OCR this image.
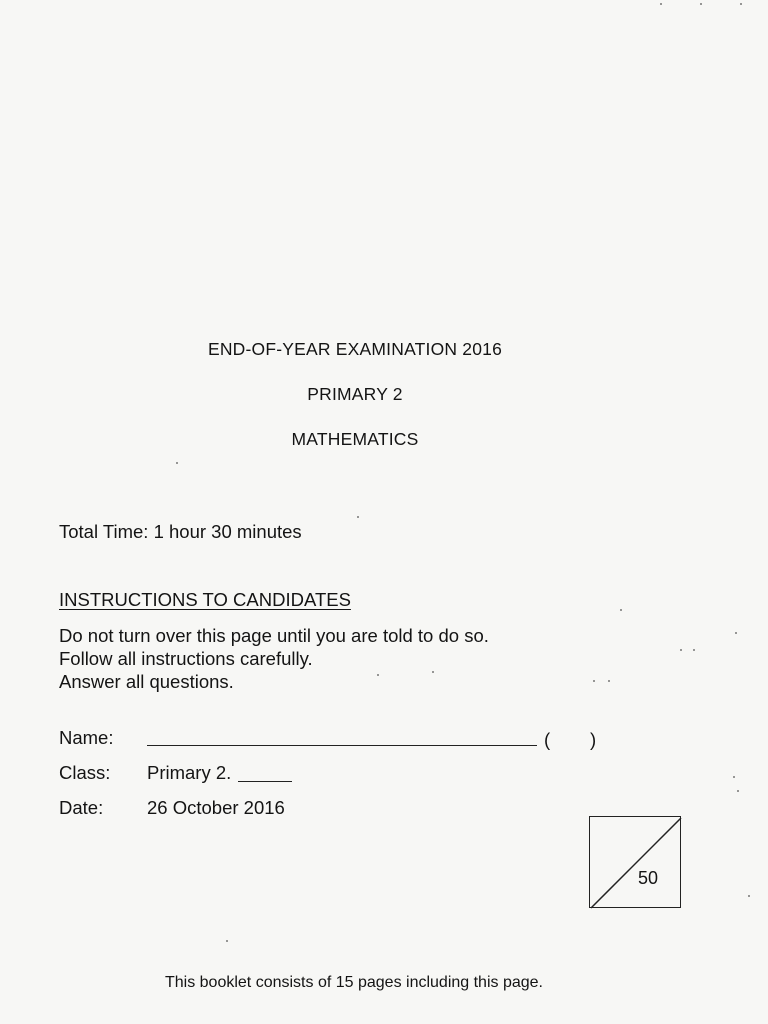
END-OF-YEAR EXAMINATION 2016
PRIMARY 2
MATHEMATICS
Total Time: 1 hour 30 minutes
INSTRUCTIONS TO CANDIDATES
Do not turn over this page until you are told to do so.
Follow all instructions carefully.
Answer all questions.
Name:	( )
Class: Primary 2.
Date: 26 October 2016
50
This booklet consists of 15 pages including this page.
